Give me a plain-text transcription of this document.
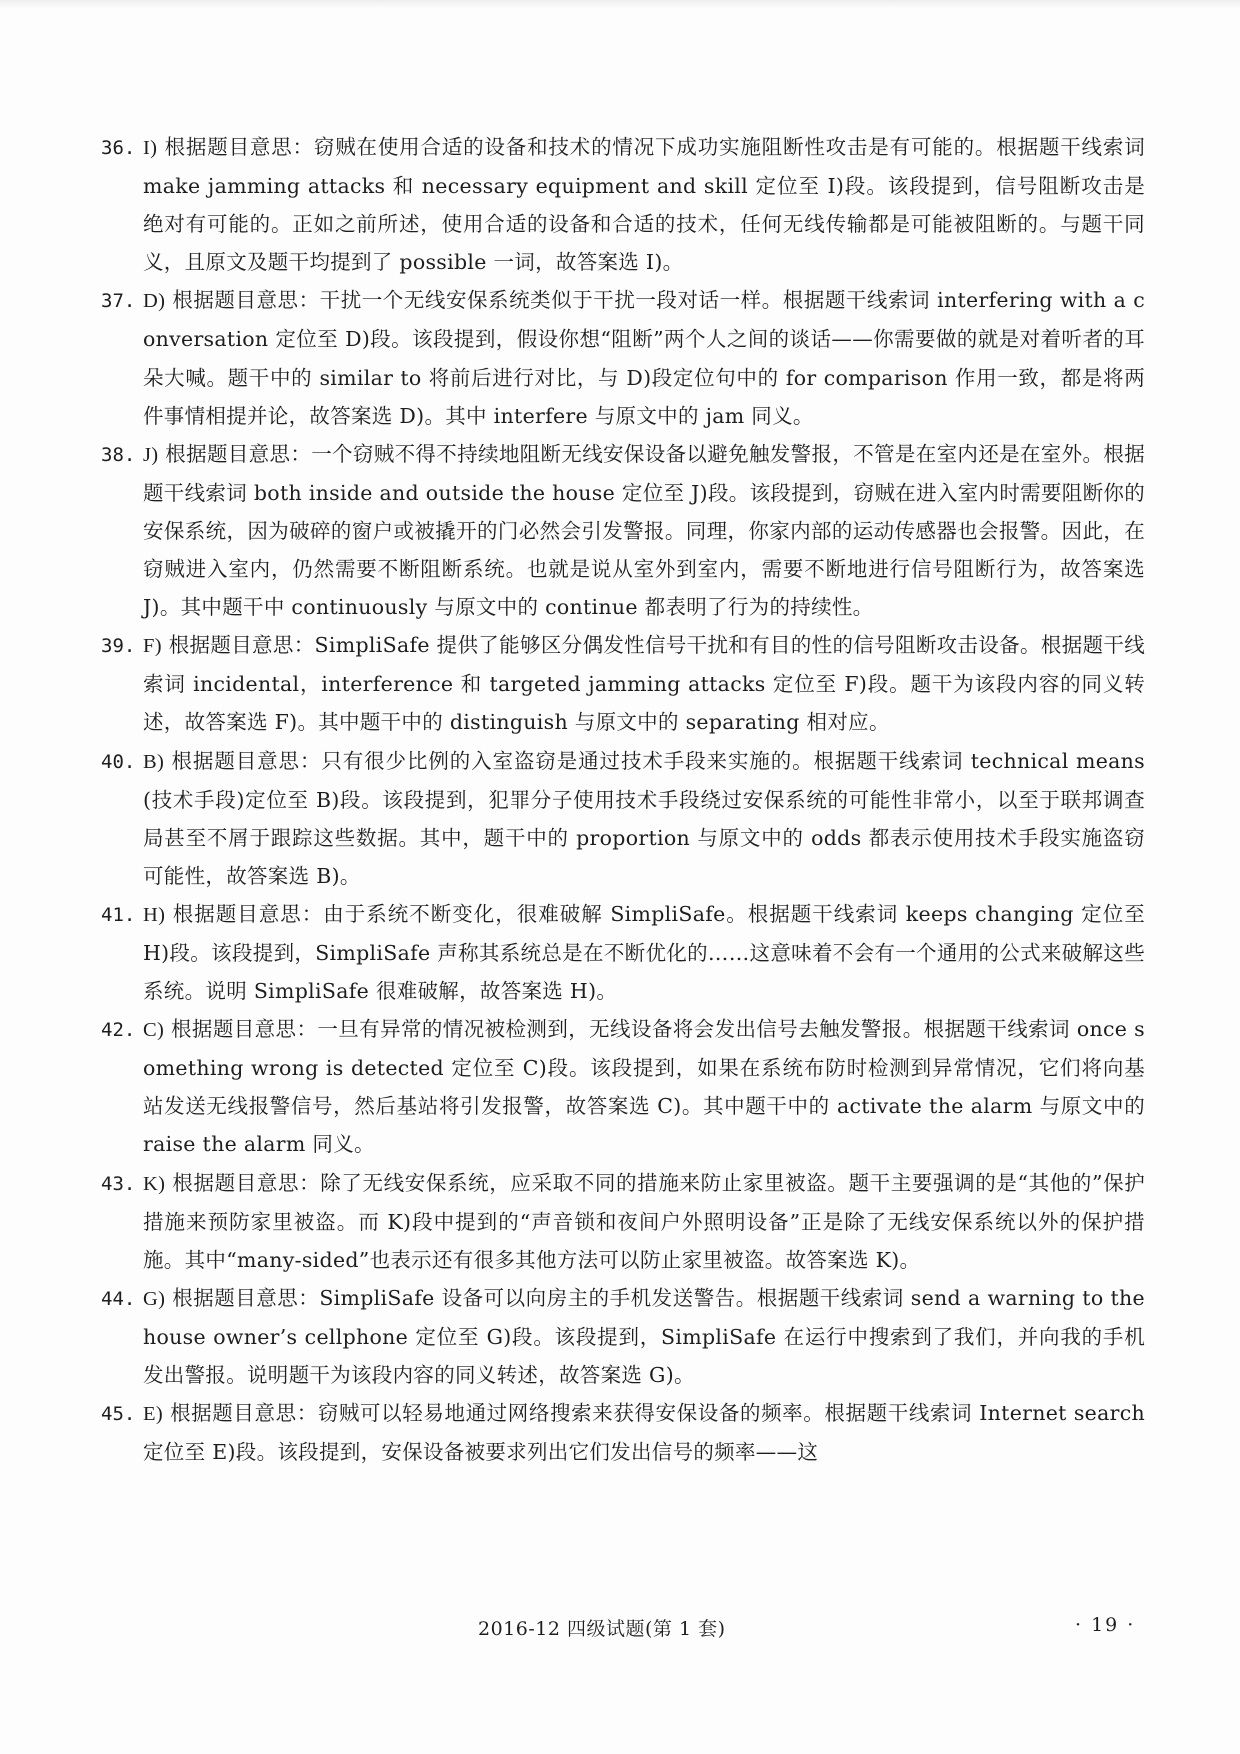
36. I) 根据题目意思：窃贼在使用合适的设备和技术的情况下成功实施阻断性攻击是有可能的。根据题干线索词 make jamming attacks 和 necessary equipment and skill 定位至 I)段。该段提到，信号阻断攻击是绝对有可能的。正如之前所述，使用合适的设备和合适的技术，任何无线传输都是可能被阻断的。与题干同义，且原文及题干均提到了 possible 一词，故答案选 I)。

37. D) 根据题目意思：干扰一个无线安保系统类似于干扰一段对话一样。根据题干线索词 interfering with a conversation 定位至 D)段。该段提到，假设你想“阻断”两个人之间的谈话——你需要做的就是对着听者的耳朵大喊。题干中的 similar to 将前后进行对比，与 D)段定位句中的 for comparison 作用一致，都是将两件事情相提并论，故答案选 D)。其中 interfere 与原文中的 jam 同义。

38. J) 根据题目意思：一个窃贼不得不持续地阻断无线安保设备以避免触发警报，不管是在室内还是在室外。根据题干线索词 both inside and outside the house 定位至 J)段。该段提到，窃贼在进入室内时需要阻断你的安保系统，因为破碎的窗户或被撬开的门必然会引发警报。同理，你家内部的运动传感器也会报警。因此，在窃贼进入室内，仍然需要不断阻断系统。也就是说从室外到室内，需要不断地进行信号阻断行为，故答案选 J)。其中题干中 continuously 与原文中的 continue 都表明了行为的持续性。

39. F) 根据题目意思：SimpliSafe 提供了能够区分偶发性信号干扰和有目的性的信号阻断攻击设备。根据题干线索词 incidental，interference 和 targeted jamming attacks 定位至 F)段。题干为该段内容的同义转述，故答案选 F)。其中题干中的 distinguish 与原文中的 separating 相对应。

40. B) 根据题目意思：只有很少比例的入室盗窃是通过技术手段来实施的。根据题干线索词 technical means(技术手段)定位至 B)段。该段提到，犯罪分子使用技术手段绕过安保系统的可能性非常小，以至于联邦调查局甚至不屑于跟踪这些数据。其中，题干中的 proportion 与原文中的 odds 都表示使用技术手段实施盗窃可能性，故答案选 B)。

41. H) 根据题目意思：由于系统不断变化，很难破解 SimpliSafe。根据题干线索词 keeps changing 定位至 H)段。该段提到，SimpliSafe 声称其系统总是在不断优化的……这意味着不会有一个通用的公式来破解这些系统。说明 SimpliSafe 很难破解，故答案选 H)。

42. C) 根据题目意思：一旦有异常的情况被检测到，无线设备将会发出信号去触发警报。根据题干线索词 once something wrong is detected 定位至 C)段。该段提到，如果在系统布防时检测到异常情况，它们将向基站发送无线报警信号，然后基站将引发报警，故答案选 C)。其中题干中的 activate the alarm 与原文中的 raise the alarm 同义。

43. K) 根据题目意思：除了无线安保系统，应采取不同的措施来防止家里被盗。题干主要强调的是“其他的”保护措施来预防家里被盗。而 K)段中提到的“声音锁和夜间户外照明设备”正是除了无线安保系统以外的保护措施。其中“many-sided”也表示还有很多其他方法可以防止家里被盗。故答案选 K)。

44. G) 根据题目意思：SimpliSafe 设备可以向房主的手机发送警告。根据题干线索词 send a warning to the house owner’s cellphone 定位至 G)段。该段提到，SimpliSafe 在运行中搜索到了我们，并向我的手机发出警报。说明题干为该段内容的同义转述，故答案选 G)。

45. E) 根据题目意思：窃贼可以轻易地通过网络搜索来获得安保设备的频率。根据题干线索词 Internet search 定位至 E)段。该段提到，安保设备被要求列出它们发出信号的频率——这

2016-12 四级试题(第 1 套)	· 19 ·
